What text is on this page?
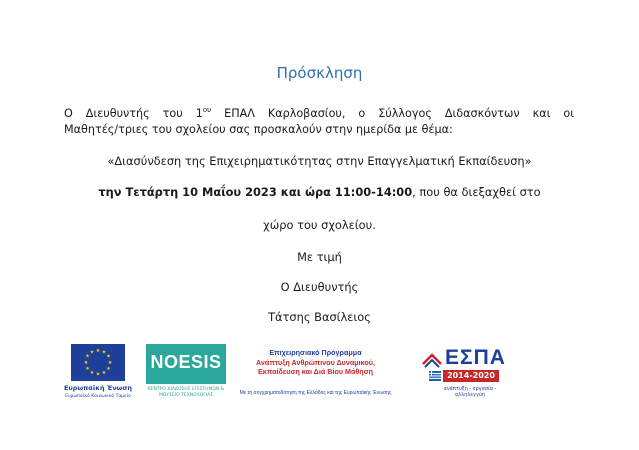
Πρόσκληση
Ο Διευθυντής του $1^{o\upsilon}$ ΕΠΑΛ Καρλοβασίου, ο Σύλλογος Διδασκόντων και οι
Μαθητές/τριες του σχολείου σας προσκαλούν στην ημερίδα με θέμα:
«Διασύνδεση της Επιχειρηματικότητας στην Επαγγελματική Εκπαίδευση»
την Τετάρτη 10 Μαΐου 2023 και ώρα 11:00-14:00, που θα διεξαχθεί στο
χώρο του σχολείου.
Με τιμή
Ο Διευθυντής
Τάτσης Βασίλειος
★ ★
★
★
★
★
★
★
★
★
★
★
Ευρωπαϊκή Ένωση
Ευρωπαϊκό Κοινωνικό Ταμείο
NOESIS
ΚΕΝΤΡΟ ΔΙΑΔΟΣΗΣ ΕΠΙΣΤΗΜΩΝ & ΜΟΥΣΕΙΟ ΤΕΧΝΟΛΟΓΙΑΣ
Επιχειρησιακό Πρόγραμμα
Ανάπτυξη Ανθρώπινου Δυναμικού,
Εκπαίδευση και Διά Βίου Μάθηση
Με τη συγχρηματοδότηση της Ελλάδας και της Ευρωπαϊκής Ένωσης
ΕΣΠΑ
2014-2020
ανάπτυξη - εργασία - αλληλεγγύη
